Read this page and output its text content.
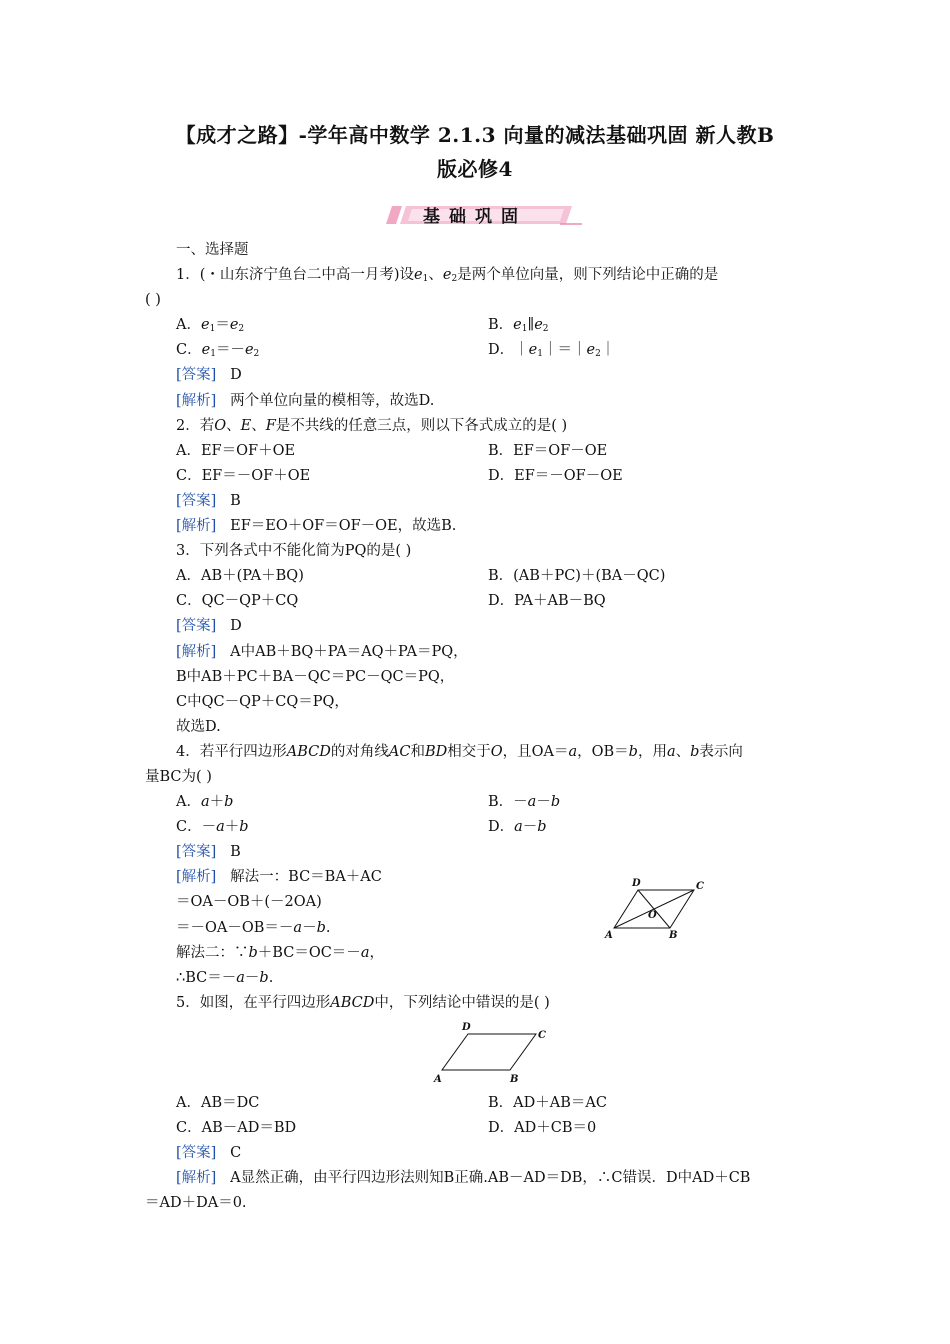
【成才之路】-学年高中数学 2.1.3 向量的减法基础巩固 新人教B
版必修4
基础巩固
一、选择题
1．(・山东济宁鱼台二中高一月考)设$e_1$、$e_2$是两个单位向量，则下列结论中正确的是
( )
A．$e_1=e_2$	B．$e_1\parallel e_2$
C．$e_1=-e_2$	D．$|e_1|=|e_2|$
[答案] D
[解析] 两个单位向量的模相等，故选D.
2．若O、E、F是不共线的任意三点，则以下各式成立的是( )
A．EF＝OF＋OE	B．EF＝OF－OE
C．EF＝－OF＋OE	D．EF＝－OF－OE
[答案] B
[解析] EF＝EO＋OF＝OF－OE，故选B.
3．下列各式中不能化简为PQ的是( )
A．AB＋(PA＋BQ)	B．(AB＋PC)＋(BA－QC)
C．QC－QP＋CQ	D．PA＋AB－BQ
[答案] D
[解析] A中AB＋BQ＋PA＝AQ＋PA＝PQ，
B中AB＋PC＋BA－QC＝PC－QC＝PQ，
C中QC－QP＋CQ＝PQ，
故选D.
4．若平行四边形ABCD的对角线AC和BD相交于O，且OA＝a，OB＝b，用a、b表示向
量BC为( )
A．a＋b	B．－a－b
C．－a＋b	D．a－b
[答案] B
[解析] 解法一：BC＝BA＋AC
＝OA－OB＋(－2OA)
＝－OA－OB＝－a－b.
解法二：∵b＋BC＝OC＝－a，
∴BC＝－a－b.
5．如图，在平行四边形ABCD中，下列结论中错误的是( )
A．AB＝DC	B．AD＋AB＝AC
C．AB－AD＝BD	D．AD＋CB＝0
[答案] C
[解析] A显然正确，由平行四边形法则知B正确.AB－AD＝DB，∴C错误．D中AD＋CB
＝AD＋DA＝0.
A	B
C
D
O
A	B
C
D
